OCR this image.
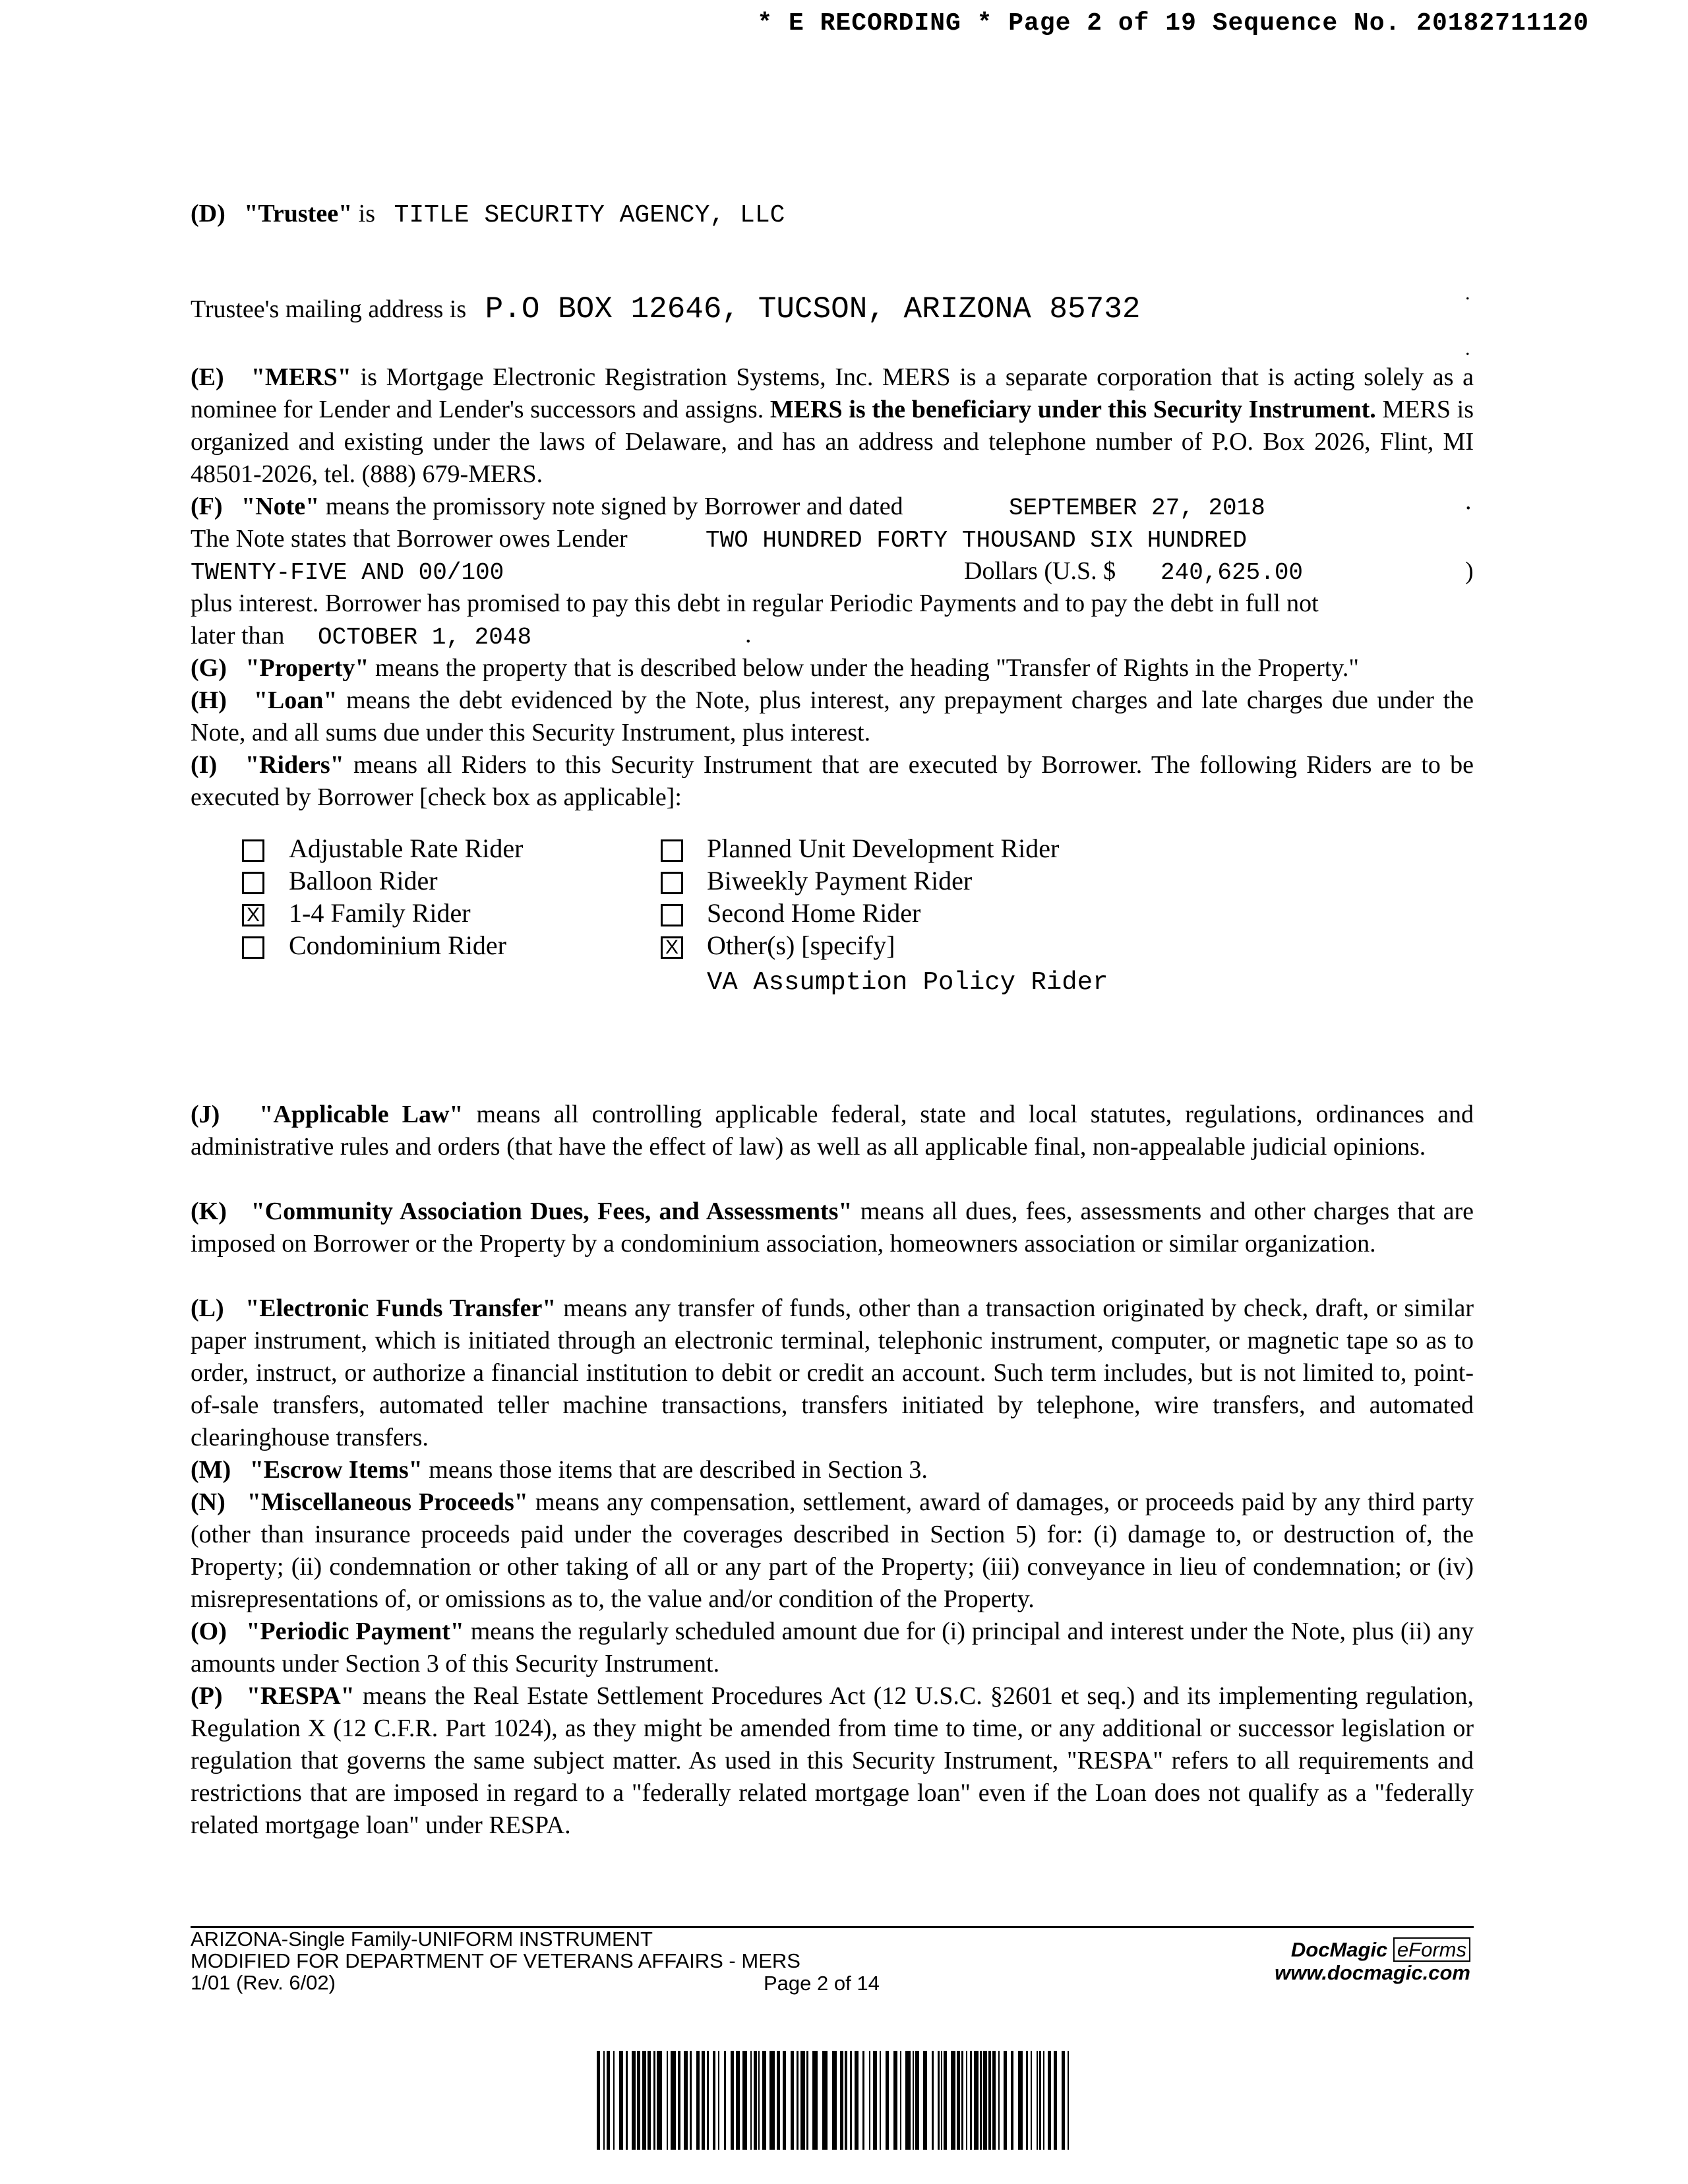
* E RECORDING * Page 2 of 19 Sequence No. 20182711120
(D) "Trustee" is TITLE SECURITY AGENCY, LLC
Trustee's mailing address is P.O BOX 12646, TUCSON, ARIZONA 85732	.
.
(E) "MERS" is Mortgage Electronic Registration Systems, Inc. MERS is a separate corporation that is acting solely as a nominee for Lender and Lender's successors and assigns. MERS is the beneficiary under this Security Instrument. MERS is organized and existing under the laws of Delaware, and has an address and telephone number of P.O. Box 2026, Flint, MI 48501-2026, tel. (888) 679-MERS.
(F) "Note" means the promissory note signed by Borrower and dated	SEPTEMBER 27, 2018	.
The Note states that Borrower owes Lender	TWO HUNDRED FORTY THOUSAND SIX HUNDRED
TWENTY-FIVE AND 00/100	Dollars (U.S. $ 240,625.00	)
plus interest. Borrower has promised to pay this debt in regular Periodic Payments and to pay the debt in full not
later than OCTOBER 1, 2048	.
(G) "Property" means the property that is described below under the heading "Transfer of Rights in the Property."
(H) "Loan" means the debt evidenced by the Note, plus interest, any prepayment charges and late charges due under the Note, and all sums due under this Security Instrument, plus interest.
(I) "Riders" means all Riders to this Security Instrument that are executed by Borrower. The following Riders are to be executed by Borrower [check box as applicable]:
Adjustable Rate Rider
Balloon Rider
X 1-4 Family Rider
Condominium Rider
Planned Unit Development Rider
Biweekly Payment Rider
Second Home Rider
X Other(s) [specify]
VA Assumption Policy Rider
(J) "Applicable Law" means all controlling applicable federal, state and local statutes, regulations, ordinances and administrative rules and orders (that have the effect of law) as well as all applicable final, non-appealable judicial opinions.
(K) "Community Association Dues, Fees, and Assessments" means all dues, fees, assessments and other charges that are imposed on Borrower or the Property by a condominium association, homeowners association or similar organization.
(L) "Electronic Funds Transfer" means any transfer of funds, other than a transaction originated by check, draft, or similar paper instrument, which is initiated through an electronic terminal, telephonic instrument, computer, or magnetic tape so as to order, instruct, or authorize a financial institution to debit or credit an account. Such term includes, but is not limited to, point-of-sale transfers, automated teller machine transactions, transfers initiated by telephone, wire transfers, and automated clearinghouse transfers.
(M) "Escrow Items" means those items that are described in Section 3.
(N) "Miscellaneous Proceeds" means any compensation, settlement, award of damages, or proceeds paid by any third party (other than insurance proceeds paid under the coverages described in Section 5) for: (i) damage to, or destruction of, the Property; (ii) condemnation or other taking of all or any part of the Property; (iii) conveyance in lieu of condemnation; or (iv) misrepresentations of, or omissions as to, the value and/or condition of the Property.
(O) "Periodic Payment" means the regularly scheduled amount due for (i) principal and interest under the Note, plus (ii) any amounts under Section 3 of this Security Instrument.
(P) "RESPA" means the Real Estate Settlement Procedures Act (12 U.S.C. §2601 et seq.) and its implementing regulation, Regulation X (12 C.F.R. Part 1024), as they might be amended from time to time, or any additional or successor legislation or regulation that governs the same subject matter. As used in this Security Instrument, "RESPA" refers to all requirements and restrictions that are imposed in regard to a "federally related mortgage loan" even if the Loan does not qualify as a "federally related mortgage loan" under RESPA.
ARIZONA-Single Family-UNIFORM INSTRUMENT
MODIFIED FOR DEPARTMENT OF VETERANS AFFAIRS - MERS
1/01 (Rev. 6/02)	Page 2 of 14
DocMagic eForms
www.docmagic.com
